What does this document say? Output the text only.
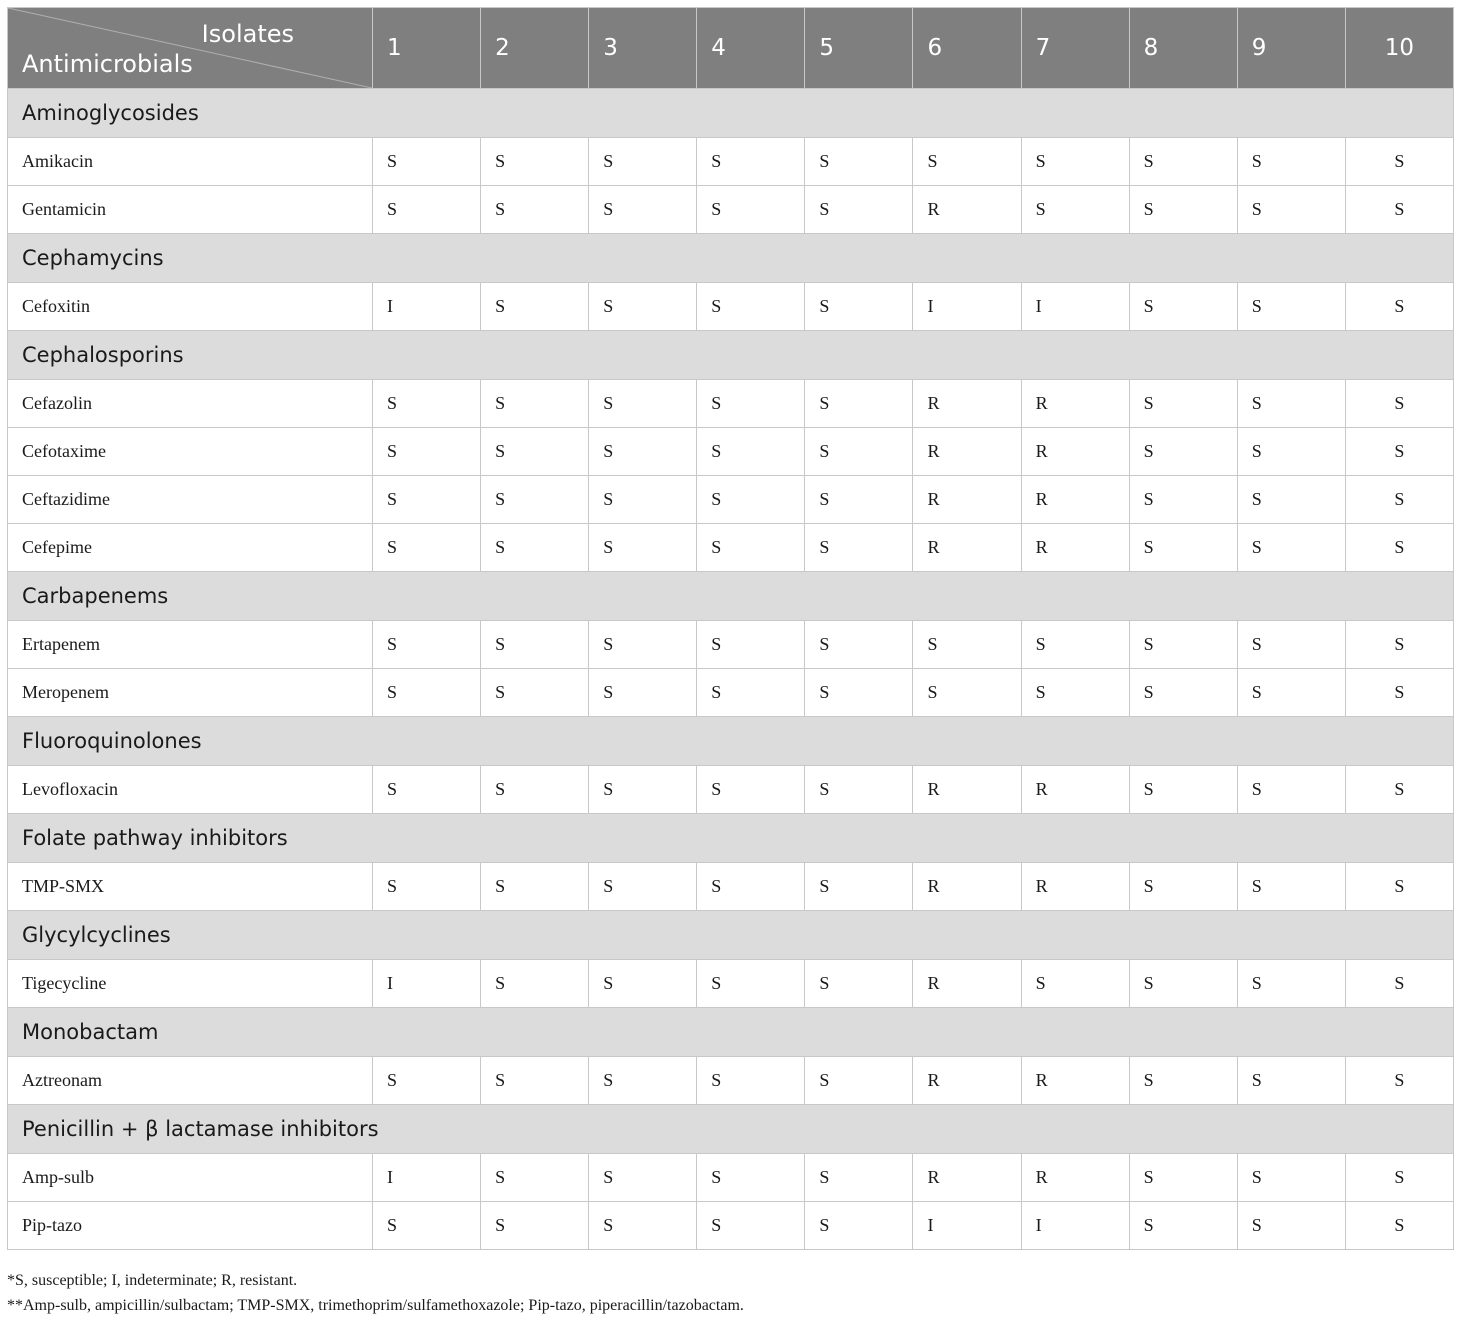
Isolates
Antimicrobials	1	2	3	4	5	6	7	8	9	10
Aminoglycosides										
Amikacin	S	S	S	S	S	S	S	S	S	S
Gentamicin	S	S	S	S	S	R	S	S	S	S
Cephamycins										
Cefoxitin	I	S	S	S	S	I	I	S	S	S
Cephalosporins										
Cefazolin	S	S	S	S	S	R	R	S	S	S
Cefotaxime	S	S	S	S	S	R	R	S	S	S
Ceftazidime	S	S	S	S	S	R	R	S	S	S
Cefepime	S	S	S	S	S	R	R	S	S	S
Carbapenems										
Ertapenem	S	S	S	S	S	S	S	S	S	S
Meropenem	S	S	S	S	S	S	S	S	S	S
Fluoroquinolones										
Levofloxacin	S	S	S	S	S	R	R	S	S	S
Folate pathway inhibitors										
TMP-SMX	S	S	S	S	S	R	R	S	S	S
Glycylcyclines										
Tigecycline	I	S	S	S	S	R	S	S	S	S
Monobactam										
Aztreonam	S	S	S	S	S	R	R	S	S	S
Penicillin + β lactamase inhibitors										
Amp-sulb	I	S	S	S	S	R	R	S	S	S
Pip-tazo	S	S	S	S	S	I	I	S	S	S
*S, susceptible; I, indeterminate; R, resistant.
**Amp-sulb, ampicillin/sulbactam; TMP-SMX, trimethoprim/sulfamethoxazole; Pip-tazo, piperacillin/tazobactam.
